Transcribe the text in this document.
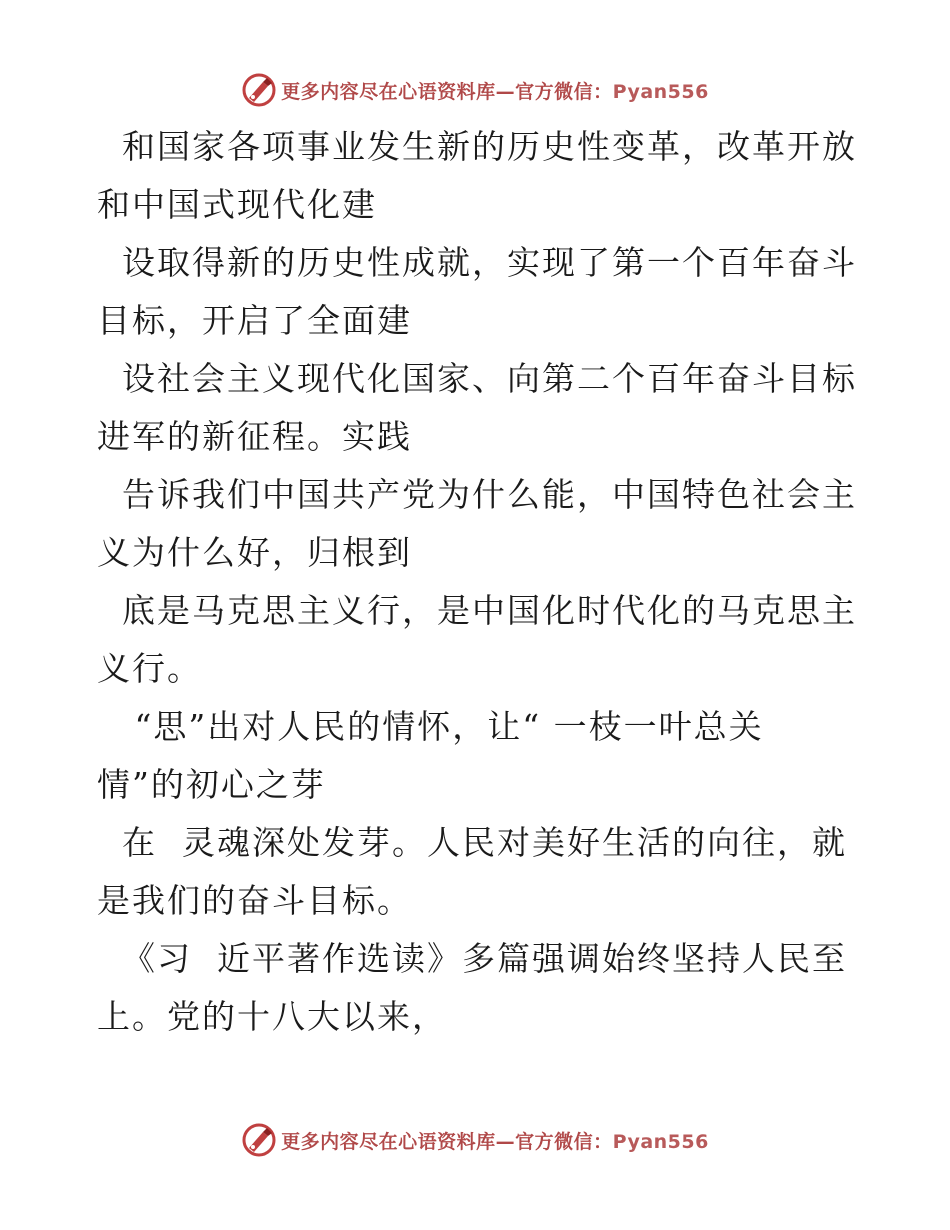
更多内容尽在心语资料库—官方微信：Pyan556

和国家各项事业发生新的历史性变革，改革开放

和中国式现代化建

设取得新的历史性成就，实现了第一个百年奋斗

目标，开启了全面建

设社会主义现代化国家、向第二个百年奋斗目标

进军的新征程。实践

告诉我们中国共产党为什么能，中国特色社会主

义为什么好，归根到

底是马克思主义行，是中国化时代化的马克思主

义行。

“思”出对人民的情怀，让“ 一枝一叶总关

情”的初心之芽

在  灵魂深处发芽。人民对美好生活的向往，就

是我们的奋斗目标。

《习  近平著作选读》多篇强调始终坚持人民至

上。党的十八大以来，

更多内容尽在心语资料库—官方微信：Pyan556
